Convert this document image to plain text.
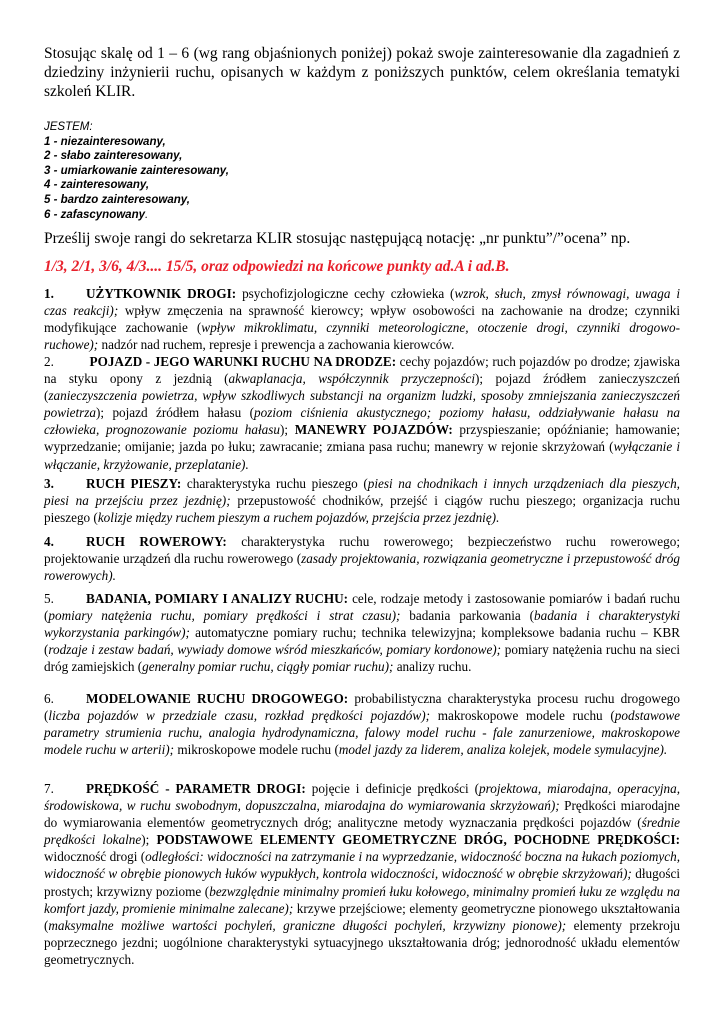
Stosując skalę od 1 – 6 (wg rang objaśnionych poniżej) pokaż swoje zainteresowanie dla zagadnień z dziedziny inżynierii ruchu, opisanych w każdym z poniższych punktów, celem określania tematyki szkoleń KLIR.
JESTEM:
1 - niezainteresowany,
2 - słabo zainteresowany,
3 - umiarkowanie zainteresowany,
4 - zainteresowany,
5 - bardzo zainteresowany,
6 - zafascynowany.
Prześlij swoje rangi do sekretarza KLIR stosując następującą notację: „nr punktu”/”ocena” np.
1/3, 2/1, 3/6, 4/3.... 15/5, oraz odpowiedzi na końcowe punkty ad.A i ad.B.
1. UŻYTKOWNIK DROGI: psychofizjologiczne cechy człowieka (wzrok, słuch, zmysł równowagi, uwaga i czas reakcji); wpływ zmęczenia na sprawność kierowcy; wpływ osobowości na zachowanie na drodze; czynniki modyfikujące zachowanie (wpływ mikroklimatu, czynniki meteorologiczne, otoczenie drogi, czynniki drogowo-ruchowe); nadzór nad ruchem, represje i prewencja a zachowania kierowców.
2. POJAZD - JEGO WARUNKI RUCHU NA DRODZE: cechy pojazdów; ruch pojazdów po drodze; zjawiska na styku opony z jezdnią (akwaplanacja, współczynnik przyczepności); pojazd źródłem zanieczyszczeń (zanieczyszczenia powietrza, wpływ szkodliwych substancji na organizm ludzki, sposoby zmniejszania zanieczyszczeń powietrza); pojazd źródłem hałasu (poziom ciśnienia akustycznego; poziomy hałasu, oddziaływanie hałasu na człowieka, prognozowanie poziomu hałasu); MANEWRY POJAZDÓW: przyspieszanie; opóźnianie; hamowanie; wyprzedzanie; omijanie; jazda po łuku; zawracanie; zmiana pasa ruchu; manewry w rejonie skrzyżowań (wyłączanie i włączanie, krzyżowanie, przeplatanie).
3. RUCH PIESZY: charakterystyka ruchu pieszego (piesi na chodnikach i innych urządzeniach dla pieszych, piesi na przejściu przez jezdnię); przepustowość chodników, przejść i ciągów ruchu pieszego; organizacja ruchu pieszego (kolizje między ruchem pieszym a ruchem pojazdów, przejścia przez jezdnię).
4. RUCH ROWEROWY: charakterystyka ruchu rowerowego; bezpieczeństwo ruchu rowerowego; projektowanie urządzeń dla ruchu rowerowego (zasady projektowania, rozwiązania geometryczne i przepustowość dróg rowerowych).
5. BADANIA, POMIARY I ANALIZY RUCHU: cele, rodzaje metody i zastosowanie pomiarów i badań ruchu (pomiary natężenia ruchu, pomiary prędkości i strat czasu); badania parkowania (badania i charakterystyki wykorzystania parkingów); automatyczne pomiary ruchu; technika telewizyjna; kompleksowe badania ruchu – KBR (rodzaje i zestaw badań, wywiady domowe wśród mieszkańców, pomiary kordonowe); pomiary natężenia ruchu na sieci dróg zamiejskich (generalny pomiar ruchu, ciągły pomiar ruchu); analizy ruchu.
6. MODELOWANIE RUCHU DROGOWEGO: probabilistyczna charakterystyka procesu ruchu drogowego (liczba pojazdów w przedziale czasu, rozkład prędkości pojazdów); makroskopowe modele ruchu (podstawowe parametry strumienia ruchu, analogia hydrodynamiczna, falowy model ruchu - fale zanurzeniowe, makroskopowe modele ruchu w arterii); mikroskopowe modele ruchu (model jazdy za liderem, analiza kolejek, modele symulacyjne).
7. PRĘDKOŚĆ - PARAMETR DROGI: pojęcie i definicje prędkości (projektowa, miarodajna, operacyjna, środowiskowa, w ruchu swobodnym, dopuszczalna, miarodajna do wymiarowania skrzyżowań); Prędkości miarodajne do wymiarowania elementów geometrycznych dróg; analityczne metody wyznaczania prędkości pojazdów (średnie prędkości lokalne); PODSTAWOWE ELEMENTY GEOMETRYCZNE DRÓG, POCHODNE PRĘDKOŚCI: widoczność drogi (odległości: widoczności na zatrzymanie i na wyprzedzanie, widoczność boczna na łukach poziomych, widoczność w obrębie pionowych łuków wypukłych, kontrola widoczności, widoczność w obrębie skrzyżowań); długości prostych; krzywizny poziome (bezwzględnie minimalny promień łuku kołowego, minimalny promień łuku ze względu na komfort jazdy, promienie minimalne zalecane); krzywe przejściowe; elementy geometryczne pionowego ukształtowania (maksymalne możliwe wartości pochyleń, graniczne długości pochyleń, krzywizny pionowe); elementy przekroju poprzecznego jezdni; uogólnione charakterystyki sytuacyjnego ukształtowania dróg; jednorodność układu elementów geometrycznych.
